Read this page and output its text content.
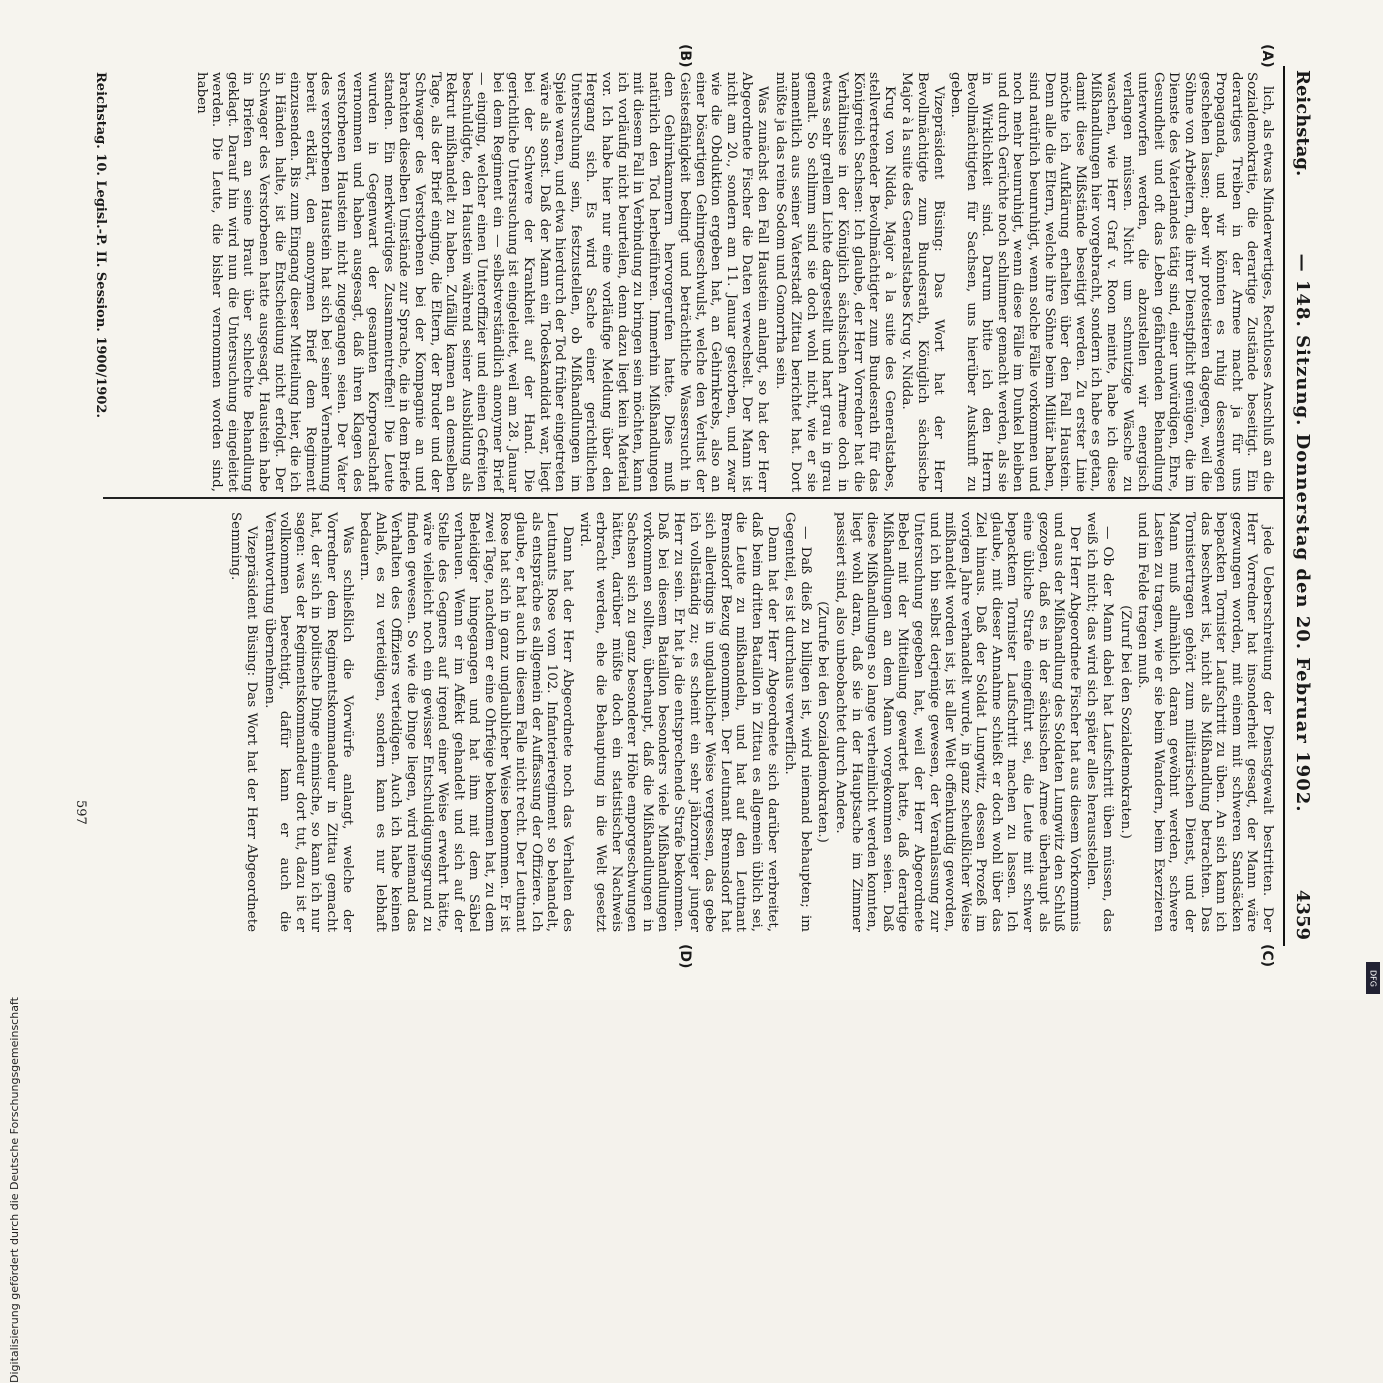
Reichstag.
— 148. Sitzung. Donnerstag den 20. Februar 1902.
4359
(A)
(B)
(C)
(D)

lich, als etwas Minderwertiges, Rechtloses Anschluß an die Sozialdemokratie, die derartige Zustände beseitigt. Ein derartiges Treiben in der Armee macht ja für uns Propaganda, und wir könnten es ruhig dessenwegen geschehen lassen; aber wir protestieren dagegen, weil die Söhne von Arbeitern, die ihrer Dienstpflicht genügen, die im Dienste des Vaterlandes tätig sind, einer unwürdigen, Ehre, Gesundheit und oft das Leben gefährdenden Behandlung unterworfen werden, die abzustellen wir energisch verlangen müssen. Nicht um schmutzige Wäsche zu waschen, wie Herr Graf v. Roon meinte, habe ich diese Mißhandlungen hier vorgebracht, sondern ich habe es getan, damit diese Mißstände beseitigt werden. Zu erster Linie möchte ich Aufklärung erhalten über den Fall Haustein. Denn alle die Eltern, welche ihre Söhne beim Militär haben, sind natürlich beunruhigt, wenn solche Fälle vorkommen und noch mehr beunruhigt, wenn diese Fälle im Dunkel bleiben und durch Gerüchte noch schlimmer gemacht werden, als sie in Wirklichkeit sind. Darum bitte ich den Herrn Bevollmächtigten für Sachsen, uns hierüber Auskunft zu geben.

Vizepräsident Büsing: Das Wort hat der Herr Bevollmächtigte zum Bundesrath, Königlich sächsische Major à la suite des Generalstabes Krug v. Nidda.

Krug von Nidda, Major à la suite des Generalstabes, stellvertretender Bevollmächtigter zum Bundesrath für das Königreich Sachsen: Ich glaube, der Herr Vorredner hat die Verhältnisse in der Königlich sächsischen Armee doch in etwas sehr grellem Lichte dargestellt und hart grau in grau gemalt. So schlimm sind sie doch wohl nicht, wie er sie namentlich aus seiner Vaterstadt Zittau berichtet hat. Dort müßte ja das reine Sodom und Gomorrha sein.

Was zunächst den Fall Haustein anlangt, so hat der Herr Abgeordnete Fischer die Daten verwechselt. Der Mann ist nicht am 20., sondern am 11. Januar gestorben, und zwar wie die Obduktion ergeben hat, an Gehirnkrebs, also an einer bösartigen Gehirngeschwulst, welche den Verlust der Geistesfähigkeit bedingt und beträchtliche Wassersucht in den Gehirnkammern hervorgerufen hatte. Dies muß natürlich den Tod herbeiführen. Immerhin Mißhandlungen mit diesem Fall in Verbindung zu bringen sein möchten, kann ich vorläufig nicht beurteilen, denn dazu liegt kein Material vor. Ich habe hier nur eine vorläufige Meldung über den Hergang sich. Es wird Sache einer gerichtlichen Untersuchung sein, festzustellen, ob Mißhandlungen im Spiele waren, und etwa hierdurch der Tod früher eingetreten wäre als sonst. Daß der Mann ein Todeskandidat war, liegt bei der Schwere der Krankheit auf der Hand. Die gerichtliche Untersuchung ist eingeleitet, weil am 28. Januar bei dem Regiment ein — selbstverständlich anonymer Brief — einging, welcher einen Unteroffizier und einen Gefreiten beschuldigte, den Haustein während seiner Ausbildung als Rekrut mißhandelt zu haben. Zufällig kamen an demselben Tage, als der Brief einging, die Eltern, der Bruder und der Schwager des Verstorbenen bei der Kompagnie an und brachten dieselben Umstände zur Sprache, die in dem Briefe standen. Ein merkwürdiges Zusammentreffen! Die Leute wurden in Gegenwart der gesamten Korporalschaft vernommen und haben ausgesagt, daß ihren Klagen des verstorbenen Haustein nicht zugegangen seien. Der Vater des verstorbenen Haustein hat sich bei seiner Vernehmung bereit erklärt, den anonymen Brief dem Regiment einzusenden. Bis zum Eingang dieser Mitteilung hier, die ich in Händen halte, ist die Entscheidung nicht erfolgt. Der Schwager des Verstorbenen hatte ausgesagt, Haustein habe in Briefen an seine Braut über schlechte Behandlung geklagt. Darauf hin wird nun die Untersuchung eingeleitet werden. Die Leute, die bisher vernommen worden sind, haben

jede Ueberschreitung der Dienstgewalt bestritten. Der Herr Vorredner hat insonderheit gesagt, der Mann wäre gezwungen worden, mit einem mit schweren Sandsäcken bepackten Tornister Laufschritt zu üben. An sich kann ich das beschwert ist, nicht als Mißhandlung betrachten. Das Tornistertragen gehört zum militärischen Dienst, und der Mann muß allmählich daran gewöhnt werden, schwere Lasten zu tragen, wie er sie beim Wandern, beim Exerzieren und im Felde tragen muß.

(Zuruf bei den Sozialdemokraten.)

— Ob der Mann dabei hat Laufschritt üben müssen, das weiß ich nicht; das wird sich später alles herausstellen.

Der Herr Abgeordnete Fischer hat aus diesem Vorkommnis und aus der Mißhandlung des Soldaten Lungwitz den Schluß gezogen, daß es in der sächsischen Armee überhaupt als eine übliche Strafe eingeführt sei, die Leute mit schwer bepacktem Tornister Laufschritt machen zu lassen. Ich glaube, mit dieser Annahme schießt er doch wohl über das Ziel hinaus. Daß der Soldat Lungwitz, dessen Prozeß im vorigen Jahre verhandelt wurde, in ganz scheußlicher Weise mißhandelt worden ist, ist aller Welt offenkundig geworden, und ich bin selbst derjenige gewesen, der Veranlassung zur Untersuchung gegeben hat, weil der Herr Abgeordnete Bebel mit der Mitteilung gewartet hatte, daß derartige Mißhandlungen an dem Mann vorgekommen seien. Daß diese Mißhandlungen so lange verheimlicht werden konnten, liegt wohl daran, daß sie in der Hauptsache im Zimmer passiert sind, also unbeobachtet durch Andere.

(Zurufe bei den Sozialdemokraten.)

— Daß dieß zu billigen ist, wird niemand behaupten; im Gegenteil, es ist durchaus verwerflich.

Dann hat der Herr Abgeordnete sich darüber verbreitet, daß beim dritten Bataillon in Zittau es allgemein üblich sei, die Leute zu mißhandeln, und hat auf den Leutnant Brennsdorf Bezug genommen. Der Leutnant Brennsdorf hat sich allerdings in unglaublicher Weise vergessen, das gebe ich vollständig zu; es scheint ein sehr jähzorniger junger Herr zu sein. Er hat ja die entsprechende Strafe bekommen. Daß bei diesem Bataillon besonders viele Mißhandlungen vorkommen sollten, überhaupt, daß die Mißhandlungen in Sachsen sich zu ganz besonderer Höhe emporgeschwungen hätten, darüber müßte doch ein statistischer Nachweis erbracht werden, ehe die Behauptung in die Welt gesetzt wird.

Dann hat der Herr Abgeordnete noch das Verhalten des Leutnants Rose vom 102. Infanterieregiment so behandelt, als entspräche es allgemein der Auffassung der Offiziere. Ich glaube, er hat auch in diesem Falle nicht recht. Der Leutnant Rose hat sich in ganz unglaublicher Weise benommen. Er ist zwei Tage, nachdem er eine Ohrfeige bekommen hat, zu dem Beleidiger hingegangen und hat ihm mit dem Säbel verhauen. Wenn er im Affekt gehandelt und sich auf der Stelle des Gegners auf irgend einer Weise erwehrt hätte, wäre vielleicht noch ein gewisser Entschuldigungsgrund zu finden gewesen. So wie die Dinge liegen, wird niemand das Verhalten des Offiziers verteidigen. Auch ich habe keinen Anlaß, es zu verteidigen, sondern kann es nur lebhaft bedauern.

Was schließlich die Vorwürfe anlangt, welche der Vorredner dem Regimentskommandeur in Zittau gemacht hat, der sich in politische Dinge einmische, so kann ich nur sagen: was der Regimentskommandeur dort tut, dazu ist er vollkommen berechtigt, dafür kann er auch die Verantwortung übernehmen.

Vizepräsident Büsing: Das Wort hat der Herr Abgeordnete Semming.

Reichstag. 10. Legisl.-P. II. Session. 1900/1902.
597
Digitalisierung gefördert durch die Deutsche Forschungsgemeinschaft
DFG
